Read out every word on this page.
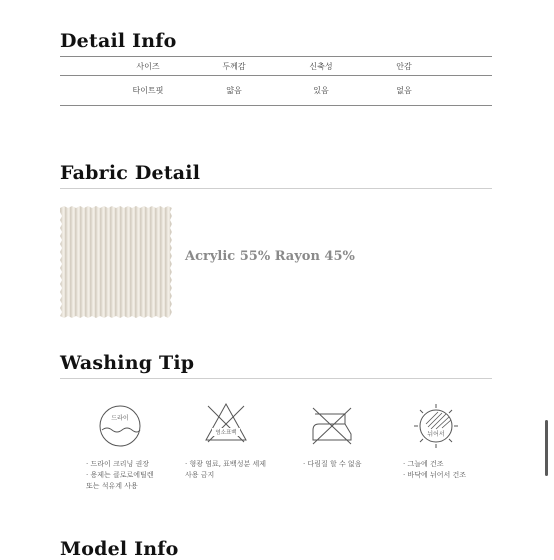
Detail Info
사이즈	두께감	신축성	안감
타이트핏	얇음	있음	없음
Fabric Detail
Acrylic 55% Rayon 45%
Washing Tip
드라이
염소표백	뉘어서
· 드라이 크리닝 권장
· 용제는 클로로에틸렌
또는 석유계 사용
· 형광 염료, 표백성분 세제
사용 금지
· 다림질 할 수 없음	· 그늘에 건조
· 바닥에 뉘어서 건조
Model Info
